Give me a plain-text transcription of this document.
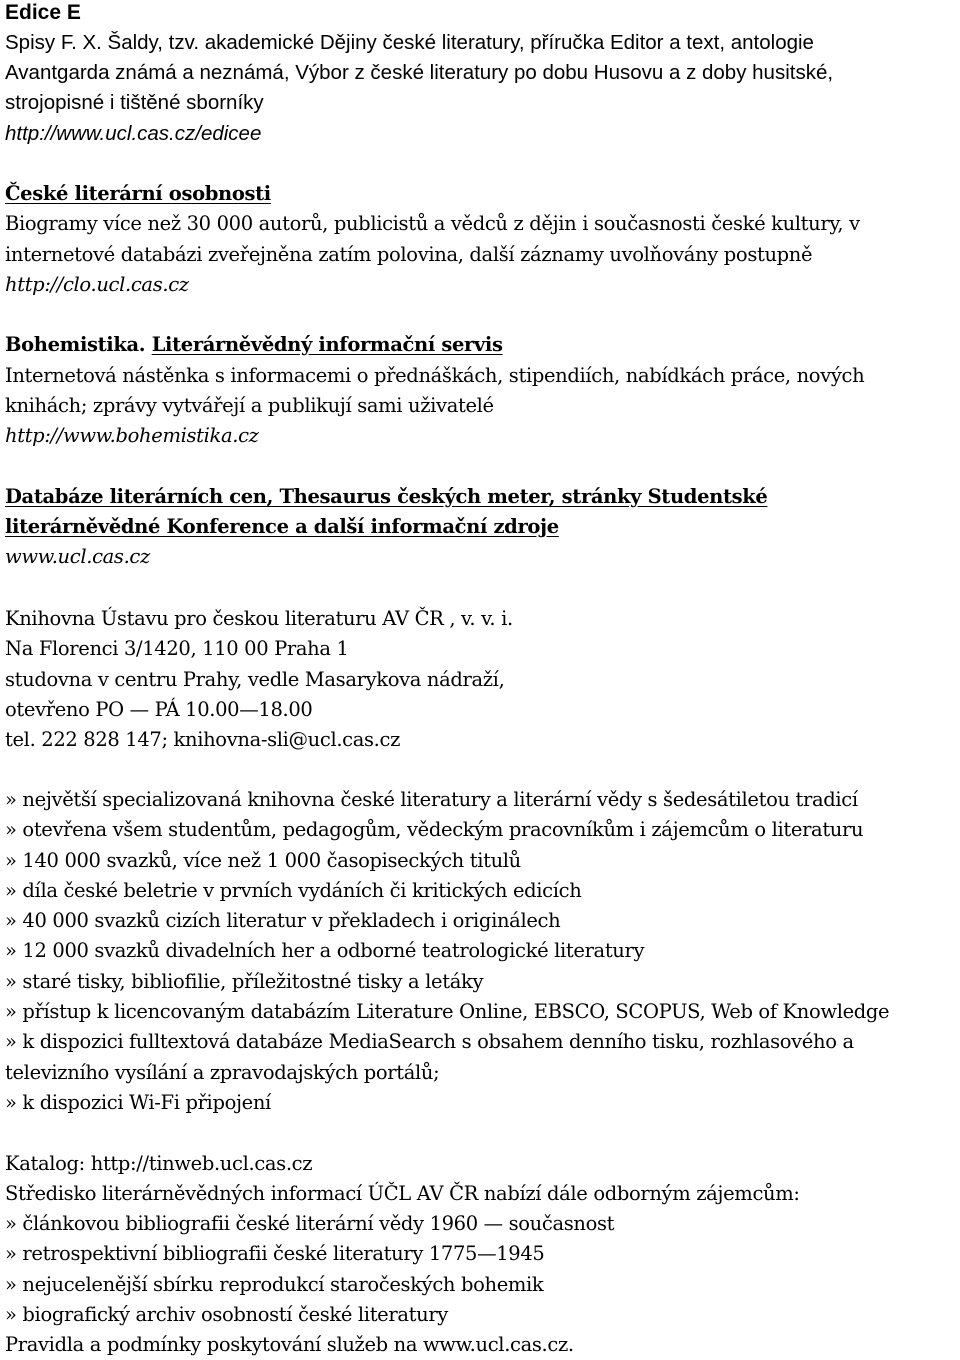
Edice E
Spisy F. X. Šaldy, tzv. akademické Dějiny české literatury, příručka Editor a text, antologie
Avantgarda známá a neznámá, Výbor z české literatury po dobu Husovu a z doby husitské,
strojopisné i tištěné sborníky
http://www.ucl.cas.cz/edicee
České literární osobnosti
Biogramy více než 30 000 autorů, publicistů a vědců z dějin i současnosti české kultury, v
internetové databázi zveřejněna zatím polovina, další záznamy uvolňovány postupně
http://clo.ucl.cas.cz
Bohemistika. Literárněvědný informační servis
Internetová nástěnka s informacemi o přednáškách, stipendiích, nabídkách práce, nových
knihách; zprávy vytvářejí a publikují sami uživatelé
http://www.bohemistika.cz
Databáze literárních cen, Thesaurus českých meter, stránky Studentské
literárněvědné Konference a další informační zdroje
www.ucl.cas.cz
Knihovna Ústavu pro českou literaturu AV ČR , v. v. i.
Na Florenci 3/1420, 110 00 Praha 1
studovna v centru Prahy, vedle Masarykova nádraží,
otevřeno PO — PÁ 10.00—18.00
tel. 222 828 147; knihovna-sli@ucl.cas.cz
» největší specializovaná knihovna české literatury a literární vědy s šedesátiletou tradicí
» otevřena všem studentům, pedagogům, vědeckým pracovníkům i zájemcům o literaturu
» 140 000 svazků, více než 1 000 časopiseckých titulů
» díla české beletrie v prvních vydáních či kritických edicích
» 40 000 svazků cizích literatur v překladech i originálech
» 12 000 svazků divadelních her a odborné teatrologické literatury
» staré tisky, bibliofilie, příležitostné tisky a letáky
» přístup k licencovaným databázím Literature Online, EBSCO, SCOPUS, Web of Knowledge
» k dispozici fulltextová databáze MediaSearch s obsahem denního tisku, rozhlasového a
televizního vysílání a zpravodajských portálů;
» k dispozici Wi-Fi připojení
Katalog: http://tinweb.ucl.cas.cz
Středisko literárněvědných informací ÚČL AV ČR nabízí dále odborným zájemcům:
» článkovou bibliografii české literární vědy 1960 — současnost
» retrospektivní bibliografii české literatury 1775—1945
» nejucelenější sbírku reprodukcí staročeských bohemik
» biografický archiv osobností české literatury
Pravidla a podmínky poskytování služeb na www.ucl.cas.cz.
